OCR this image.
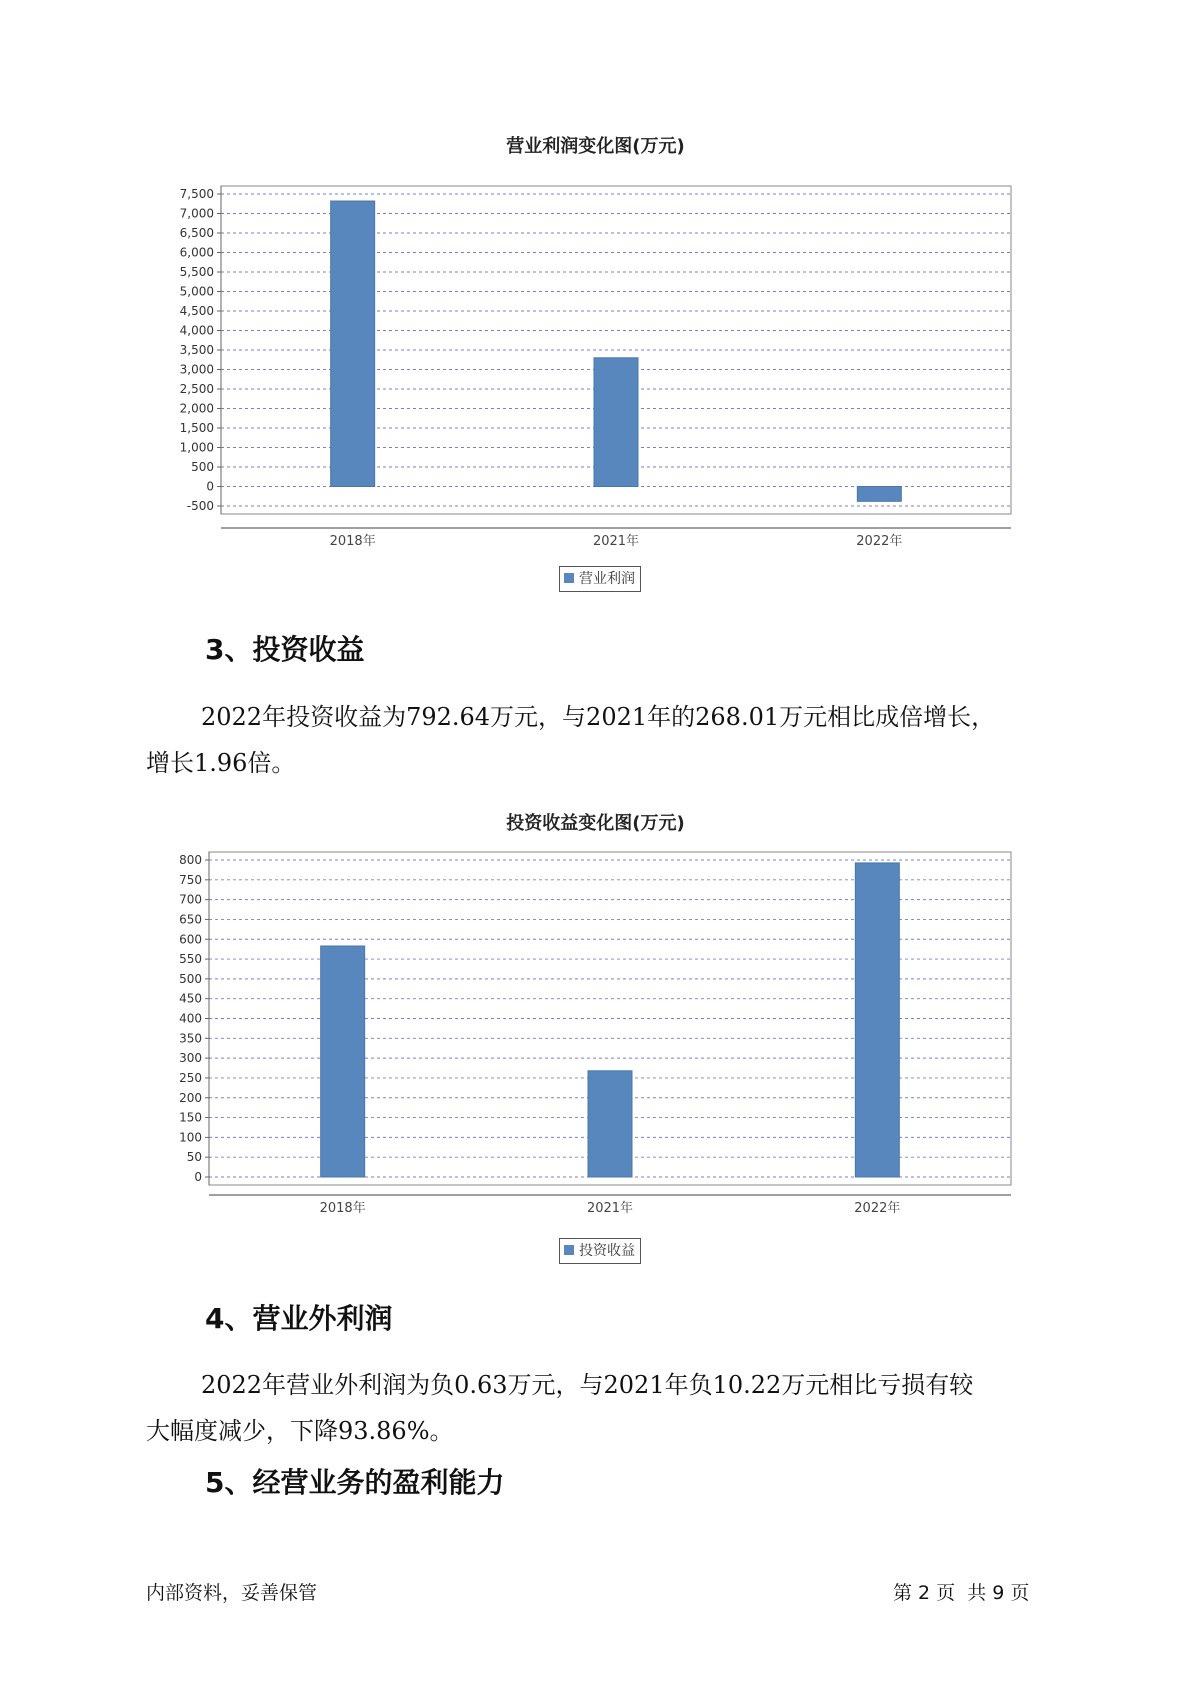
营业利润变化图(万元)
-500
0
500
1,000
1,500
2,000
2,500
3,000
3,500
4,000
4,500
5,000
5,500
6,000
6,500
7,000
7,500
2018年	2021年	2022年
营业利润
3、投资收益
2022年投资收益为792.64万元，与2021年的268.01万元相比成倍增长，
增长1.96倍。
投资收益变化图(万元)
0
50
100
150
200
250
300
350
400
450
500
550
600
650
700
750
800
2018年	2021年	2022年
投资收益
4、营业外利润
2022年营业外利润为负0.63万元，与2021年负10.22万元相比亏损有较
大幅度减少，下降93.86%。
5、经营业务的盈利能力
内部资料，妥善保管	第 2 页  共 9 页
